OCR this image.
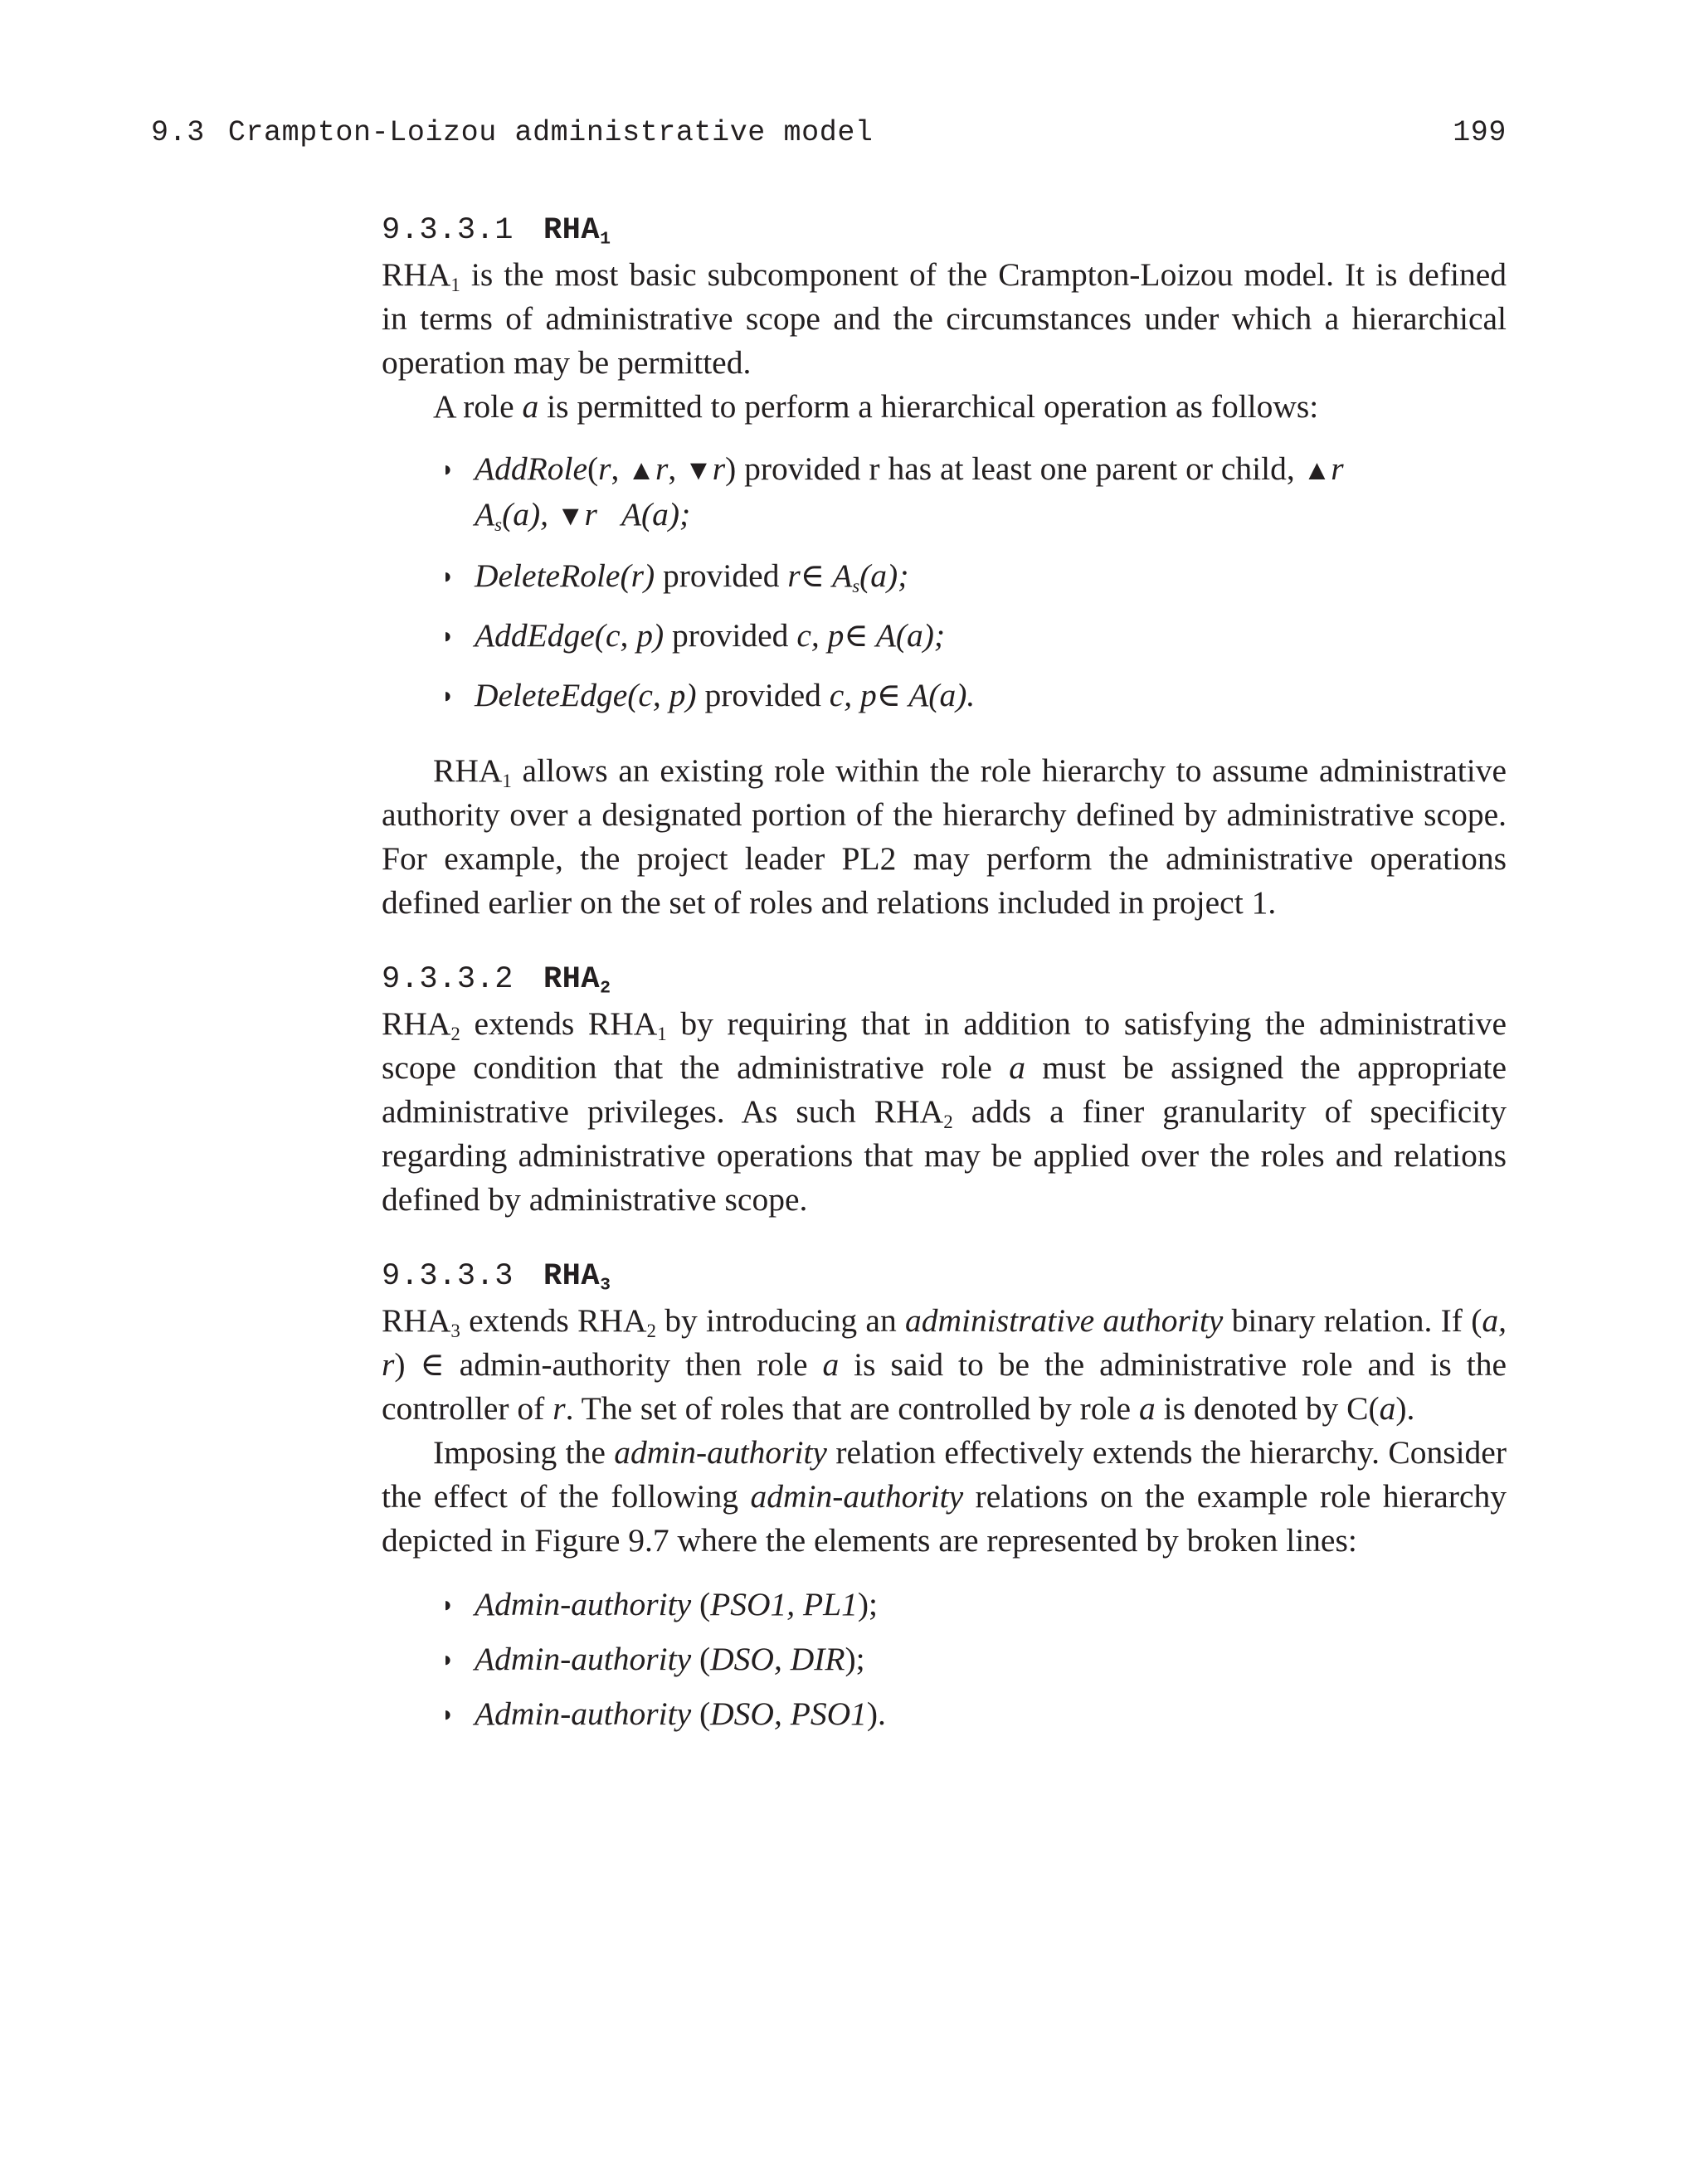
9.3 Crampton-Loizou administrative model	199
9.3.3.1 $RHA_1$

$RHA_1$ is the most basic subcomponent of the Crampton-Loizou model. It is defined in terms of administrative scope and the circumstances under which a hierarchical operation may be permitted.

A role a is permitted to perform a hierarchical operation as follows:

◗ AddRole(r, ▲r, ▼r) provided r has at least one parent or child, ▲r
$A_s(a)$, ▼r   A(a);
◗ DeleteRole(r) provided r∈ $A_s(a)$;
◗ AddEdge(c, p) provided c, p∈ A(a);
◗ DeleteEdge(c, p) provided c, p∈ A(a).

$RHA_1$ allows an existing role within the role hierarchy to assume administrative authority over a designated portion of the hierarchy defined by administrative scope. For example, the project leader PL2 may perform the administrative operations defined earlier on the set of roles and relations included in project 1.

9.3.3.2 $RHA_2$

$RHA_2$ extends $RHA_1$ by requiring that in addition to satisfying the administrative scope condition that the administrative role a must be assigned the appropriate administrative privileges. As such $RHA_2$ adds a finer granularity of specificity regarding administrative operations that may be applied over the roles and relations defined by administrative scope.

9.3.3.3 $RHA_3$

$RHA_3$ extends $RHA_2$ by introducing an administrative authority binary relation. If (a, r) ∈ admin-authority then role a is said to be the administrative role and is the controller of r. The set of roles that are controlled by role a is denoted by C(a).

Imposing the admin-authority relation effectively extends the hierarchy. Consider the effect of the following admin-authority relations on the example role hierarchy depicted in Figure 9.7 where the elements are represented by broken lines:

◗ Admin-authority (PSO1, PL1);
◗ Admin-authority (DSO, DIR);
◗ Admin-authority (DSO, PSO1).
